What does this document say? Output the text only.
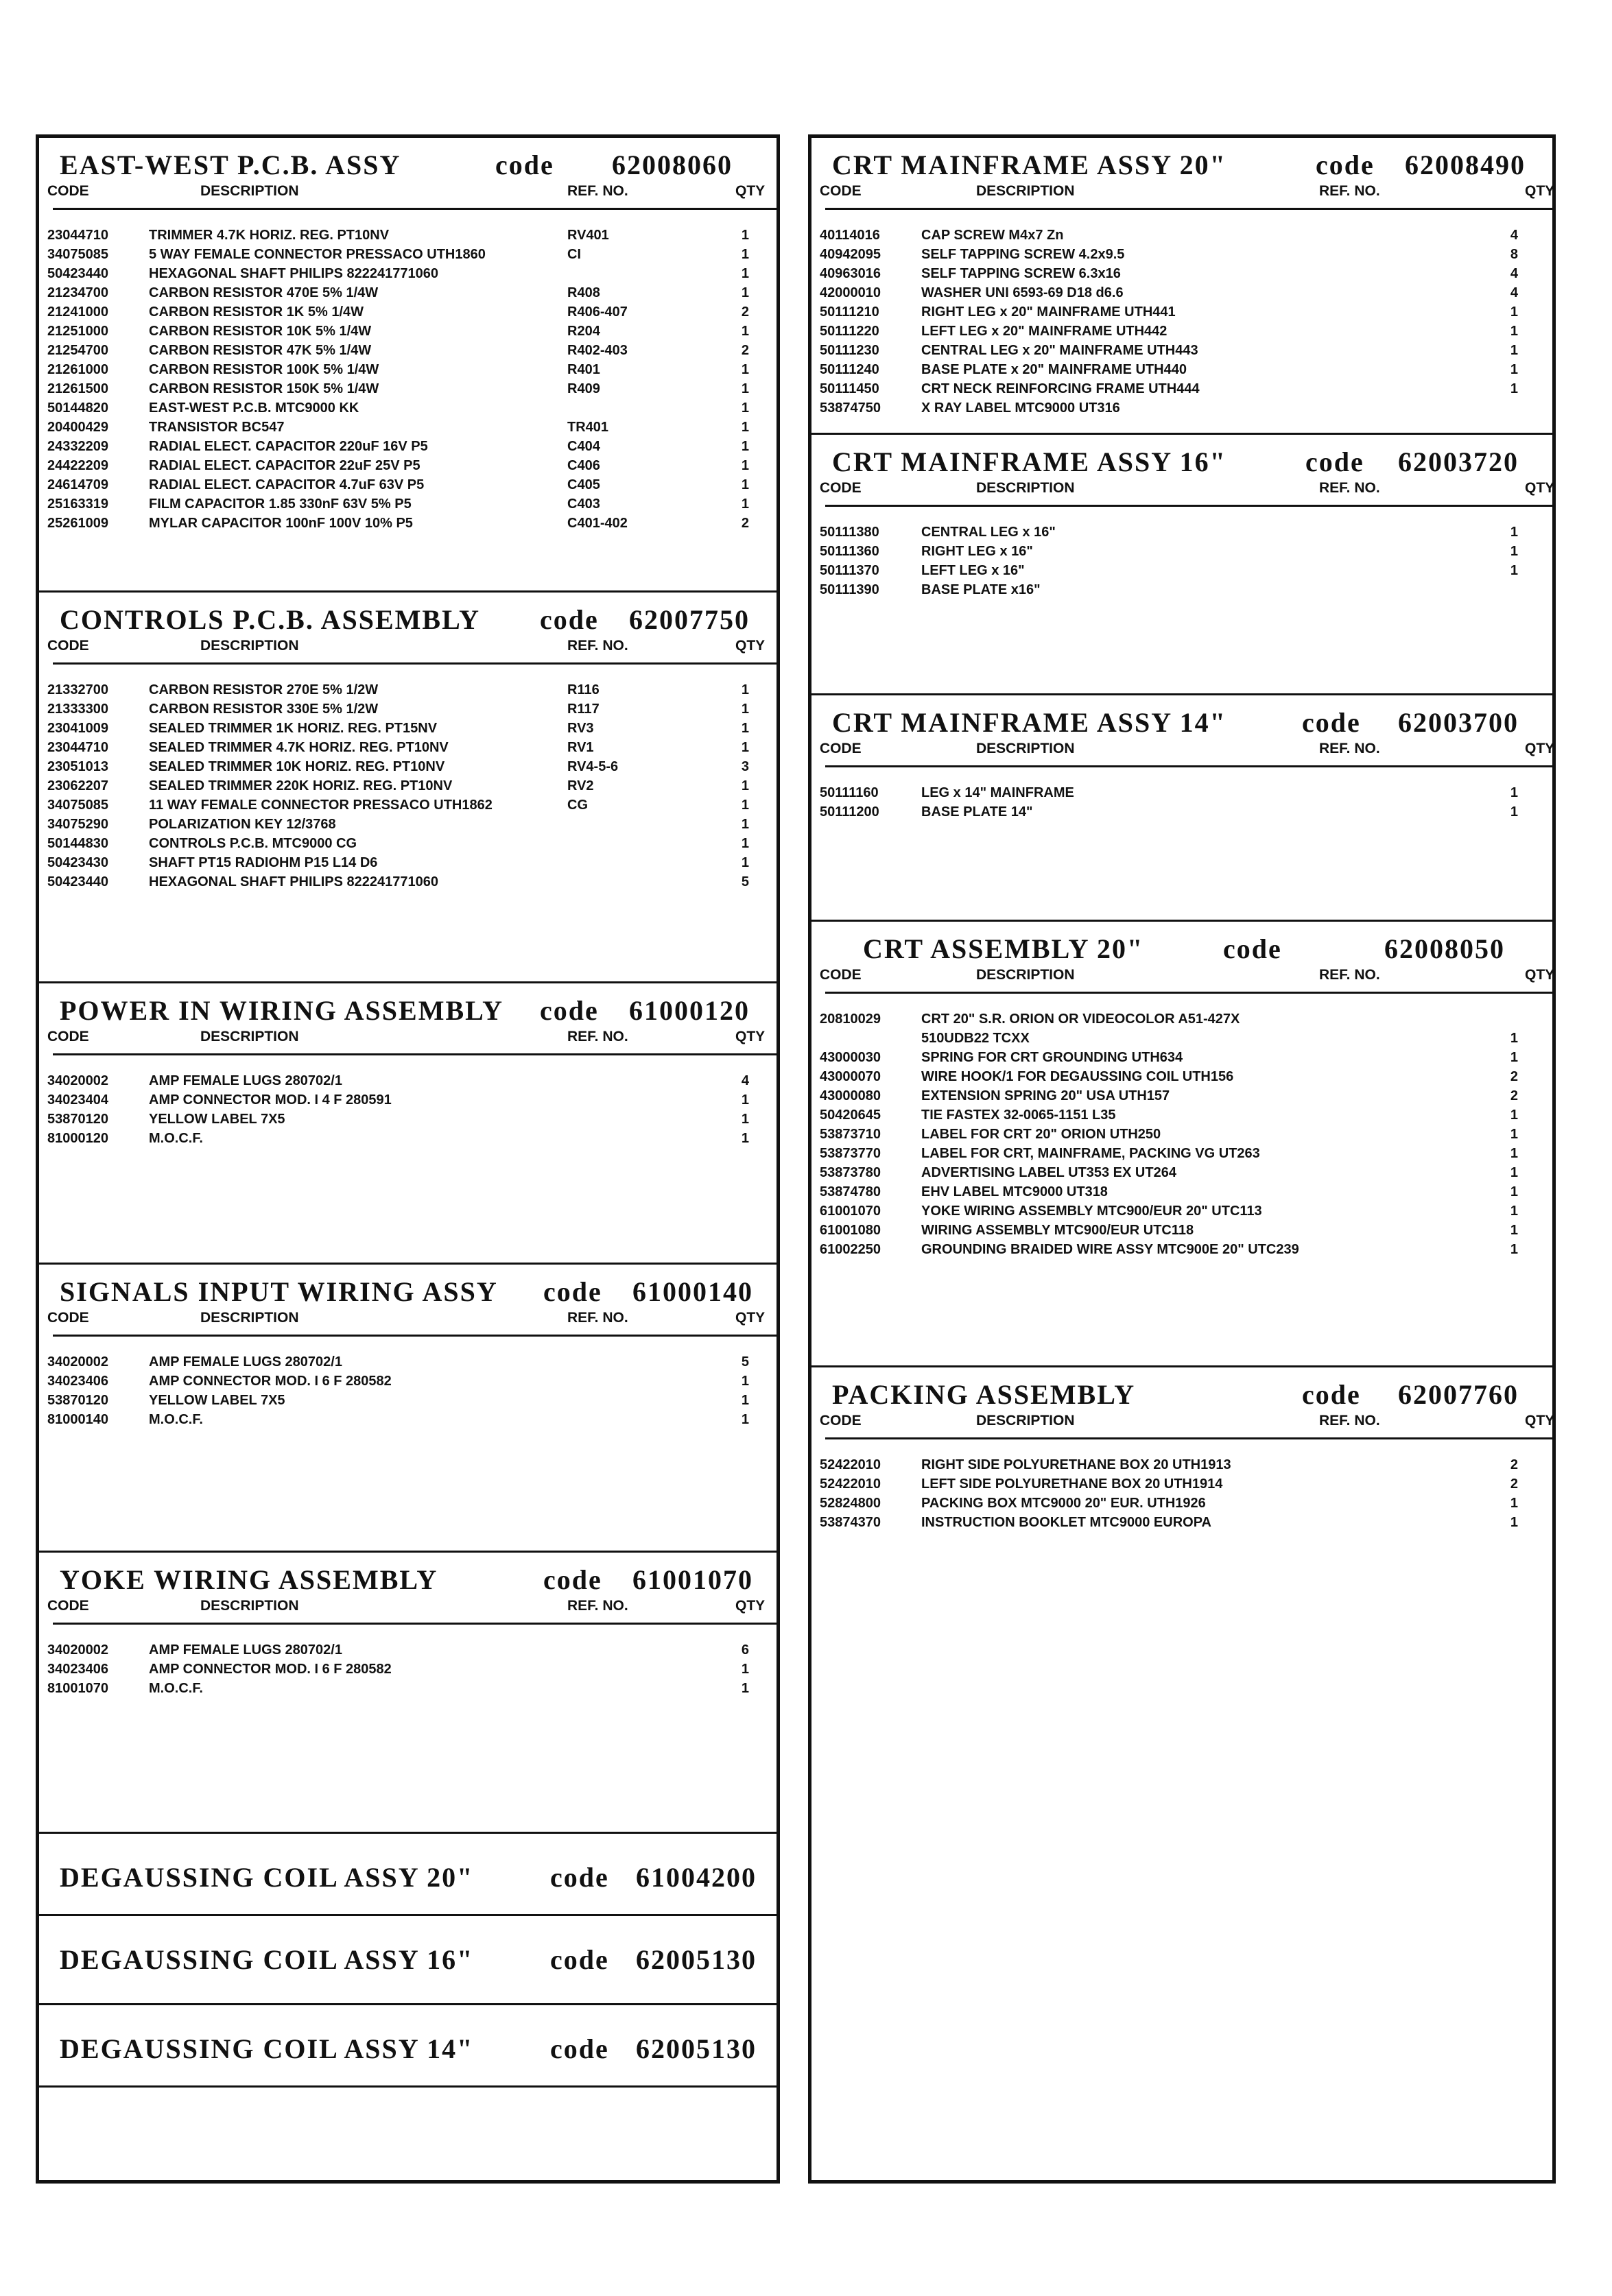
EAST-WEST P.C.B. ASSY	code 62008060
CODE	DESCRIPTION	REF. NO.	QTY
23044710	TRIMMER 4.7K HORIZ. REG. PT10NV	RV401	1
34075085	5 WAY FEMALE CONNECTOR PRESSACO UTH1860	CI	1
50423440	HEXAGONAL SHAFT PHILIPS 822241771060	1
21234700	CARBON RESISTOR 470E 5% 1/4W	R408	1
21241000	CARBON RESISTOR 1K 5% 1/4W	R406-407	2
21251000	CARBON RESISTOR 10K 5% 1/4W	R204	1
21254700	CARBON RESISTOR 47K 5% 1/4W	R402-403	2
21261000	CARBON RESISTOR 100K 5% 1/4W	R401	1
21261500	CARBON RESISTOR 150K 5% 1/4W	R409	1
50144820	EAST-WEST P.C.B. MTC9000 KK	1
20400429	TRANSISTOR BC547	TR401	1
24332209	RADIAL ELECT. CAPACITOR 220uF 16V P5	C404	1
24422209	RADIAL ELECT. CAPACITOR 22uF 25V P5	C406	1
24614709	RADIAL ELECT. CAPACITOR 4.7uF 63V P5	C405	1
25163319	FILM CAPACITOR 1.85 330nF 63V 5% P5	C403	1
25261009	MYLAR CAPACITOR 100nF 100V 10% P5	C401-402	2
CONTROLS P.C.B. ASSEMBLY code 62007750
CODE	DESCRIPTION	REF. NO.	QTY
21332700	CARBON RESISTOR 270E 5% 1/2W	R116	1
21333300	CARBON RESISTOR 330E 5% 1/2W	R117	1
23041009	SEALED TRIMMER 1K HORIZ. REG. PT15NV	RV3	1
23044710	SEALED TRIMMER 4.7K HORIZ. REG. PT10NV	RV1	1
23051013	SEALED TRIMMER 10K HORIZ. REG. PT10NV	RV4-5-6	3
23062207	SEALED TRIMMER 220K HORIZ. REG. PT10NV	RV2	1
34075085	11 WAY FEMALE CONNECTOR PRESSACO UTH1862	CG	1
34075290	POLARIZATION KEY 12/3768	1
50144830	CONTROLS P.C.B. MTC9000 CG	1
50423430	SHAFT PT15 RADIOHM P15 L14 D6	1
50423440	HEXAGONAL SHAFT PHILIPS 822241771060	5
POWER IN WIRING ASSEMBLY code 61000120
CODE	DESCRIPTION	REF. NO.	QTY
34020002	AMP FEMALE LUGS 280702/1	4
34023404	AMP CONNECTOR MOD. I 4 F 280591	1
53870120	YELLOW LABEL 7X5	1
81000120	M.O.C.F.	1
SIGNALS INPUT WIRING ASSY code 61000140
CODE	DESCRIPTION	REF. NO.	QTY
34020002	AMP FEMALE LUGS 280702/1	5
34023406	AMP CONNECTOR MOD. I 6 F 280582	1
53870120	YELLOW LABEL 7X5	1
81000140	M.O.C.F.	1
YOKE WIRING ASSEMBLY	code 61001070
CODE	DESCRIPTION	REF. NO.	QTY
34020002	AMP FEMALE LUGS 280702/1	6
34023406	AMP CONNECTOR MOD. I 6 F 280582	1
81001070	M.O.C.F.	1
DEGAUSSING COIL ASSY 20"	code 61004200
DEGAUSSING COIL ASSY 16"	code 62005130
DEGAUSSING COIL ASSY 14"	code 62005130
CRT MAINFRAME ASSY 20"	code 62008490
CODE	DESCRIPTION	REF. NO.	QTY
40114016	CAP SCREW M4x7 Zn	4
40942095	SELF TAPPING SCREW 4.2x9.5	8
40963016	SELF TAPPING SCREW 6.3x16	4
42000010	WASHER UNI 6593-69 D18 d6.6	4
50111210	RIGHT LEG x 20" MAINFRAME UTH441	1
50111220	LEFT LEG x 20" MAINFRAME UTH442	1
50111230	CENTRAL LEG x 20" MAINFRAME UTH443	1
50111240	BASE PLATE x 20" MAINFRAME UTH440	1
50111450	CRT NECK REINFORCING FRAME UTH444	1
53874750	X RAY LABEL MTC9000 UT316
CRT MAINFRAME ASSY 16"	code 62003720
CODE	DESCRIPTION	REF. NO.	QTY
50111380	CENTRAL LEG x 16"	1
50111360	RIGHT LEG x 16"	1
50111370	LEFT LEG x 16"	1
50111390	BASE PLATE x16"
CRT MAINFRAME ASSY 14"	code 62003700
CODE	DESCRIPTION	REF. NO.	QTY
50111160	LEG x 14" MAINFRAME	1
50111200	BASE PLATE 14"	1
CRT ASSEMBLY 20"	code	62008050
CODE	DESCRIPTION	REF. NO.	QTY
20810029	CRT 20" S.R. ORION OR VIDEOCOLOR A51-427X
510UDB22 TCXX	1
43000030	SPRING FOR CRT GROUNDING UTH634	1
43000070	WIRE HOOK/1 FOR DEGAUSSING COIL UTH156	2
43000080	EXTENSION SPRING 20" USA UTH157	2
50420645	TIE FASTEX 32-0065-1151 L35	1
53873710	LABEL FOR CRT 20" ORION UTH250	1
53873770	LABEL FOR CRT, MAINFRAME, PACKING VG UT263	1
53873780	ADVERTISING LABEL UT353 EX UT264	1
53874780	EHV LABEL MTC9000 UT318	1
61001070	YOKE WIRING ASSEMBLY MTC900/EUR 20" UTC113	1
61001080	WIRING ASSEMBLY MTC900/EUR UTC118	1
61002250	GROUNDING BRAIDED WIRE ASSY MTC900E 20" UTC239	1
PACKING ASSEMBLY	code 62007760
CODE	DESCRIPTION	REF. NO.	QTY
52422010	RIGHT SIDE POLYURETHANE BOX 20 UTH1913	2
52422010	LEFT SIDE POLYURETHANE BOX 20 UTH1914	2
52824800	PACKING BOX MTC9000 20" EUR. UTH1926	1
53874370	INSTRUCTION BOOKLET MTC9000 EUROPA	1
